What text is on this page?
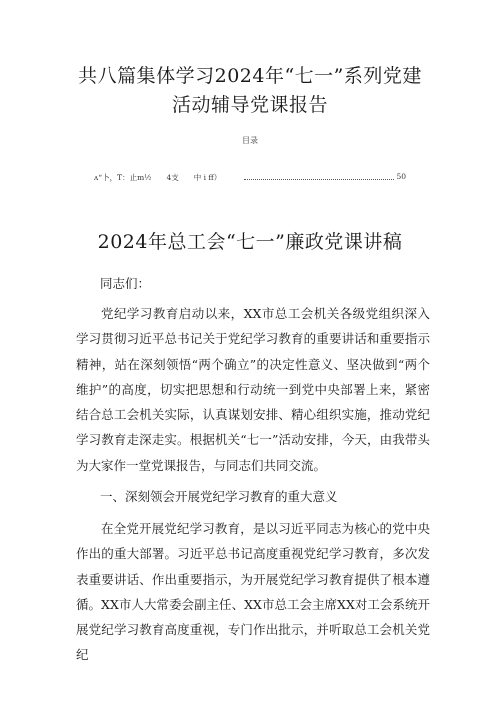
共八篇集体学习2024年“七一”系列党建
活动辅导党课报告
目录
ʌ“卜，T：止m½　　4支　　中 i ff）	50
2024年总工会“七一”廉政党课讲稿
同志们：
党纪学习教育启动以来，XX市总工会机关各级党组织深入学习贯彻习近平总书记关于党纪学习教育的重要讲话和重要指示精神，站在深刻领悟“两个确立”的决定性意义、坚决做到“两个维护”的高度，切实把思想和行动统一到党中央部署上来，紧密结合总工会机关实际，认真谋划安排、精心组织实施，推动党纪学习教育走深走实。根据机关“七一”活动安排，今天，由我带头为大家作一堂党课报告，与同志们共同交流。
一、深刻领会开展党纪学习教育的重大意义
在全党开展党纪学习教育，是以习近平同志为核心的党中央作出的重大部署。习近平总书记高度重视党纪学习教育，多次发表重要讲话、作出重要指示，为开展党纪学习教育提供了根本遵循。XX市人大常委会副主任、XX市总工会主席XX对工会系统开展党纪学习教育高度重视，专门作出批示，并听取总工会机关党纪
